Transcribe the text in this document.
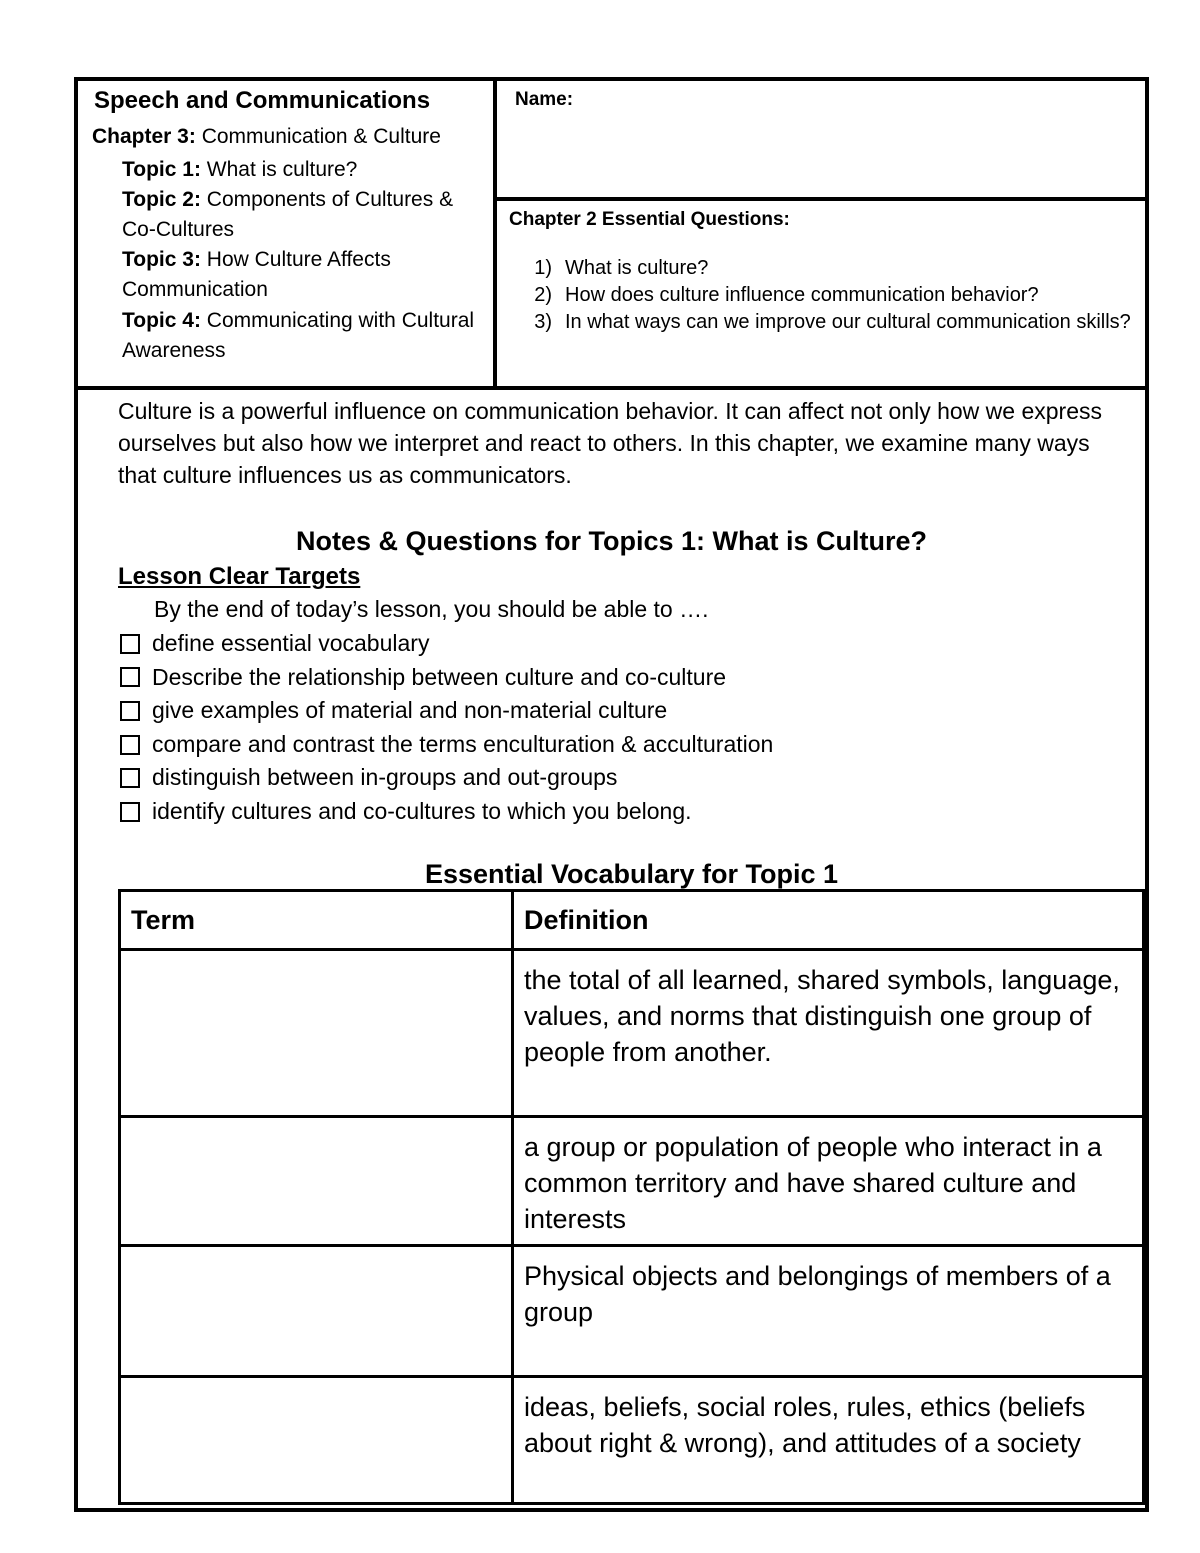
Speech and Communications
Chapter 3: Communication & Culture
Topic 1: What is culture?
Topic 2: Components of Cultures & Co-Cultures
Topic 3: How Culture Affects Communication
Topic 4: Communicating with Cultural Awareness
Name:
Chapter 2 Essential Questions:
1) What is culture?
2) How does culture influence communication behavior?
3) In what ways can we improve our cultural communication skills?
Culture is a powerful influence on communication behavior. It can affect not only how we express ourselves but also how we interpret and react to others. In this chapter, we examine many ways that culture influences us as communicators.
Notes & Questions for Topics 1: What is Culture?
Lesson Clear Targets
By the end of today’s lesson, you should be able to ….
define essential vocabulary
Describe the relationship between culture and co-culture
give examples of material and non-material culture
compare and contrast the terms enculturation & acculturation
distinguish between in-groups and out-groups
identify cultures and co-cultures to which you belong.
Essential Vocabulary for Topic 1
Term	Definition
	the total of all learned, shared symbols, language, values, and norms that distinguish one group of people from another.
	a group or population of people who interact in a common territory and have shared culture and interests
	Physical objects and belongings of members of a group
	ideas, beliefs, social roles, rules, ethics (beliefs about right & wrong), and attitudes of a society
